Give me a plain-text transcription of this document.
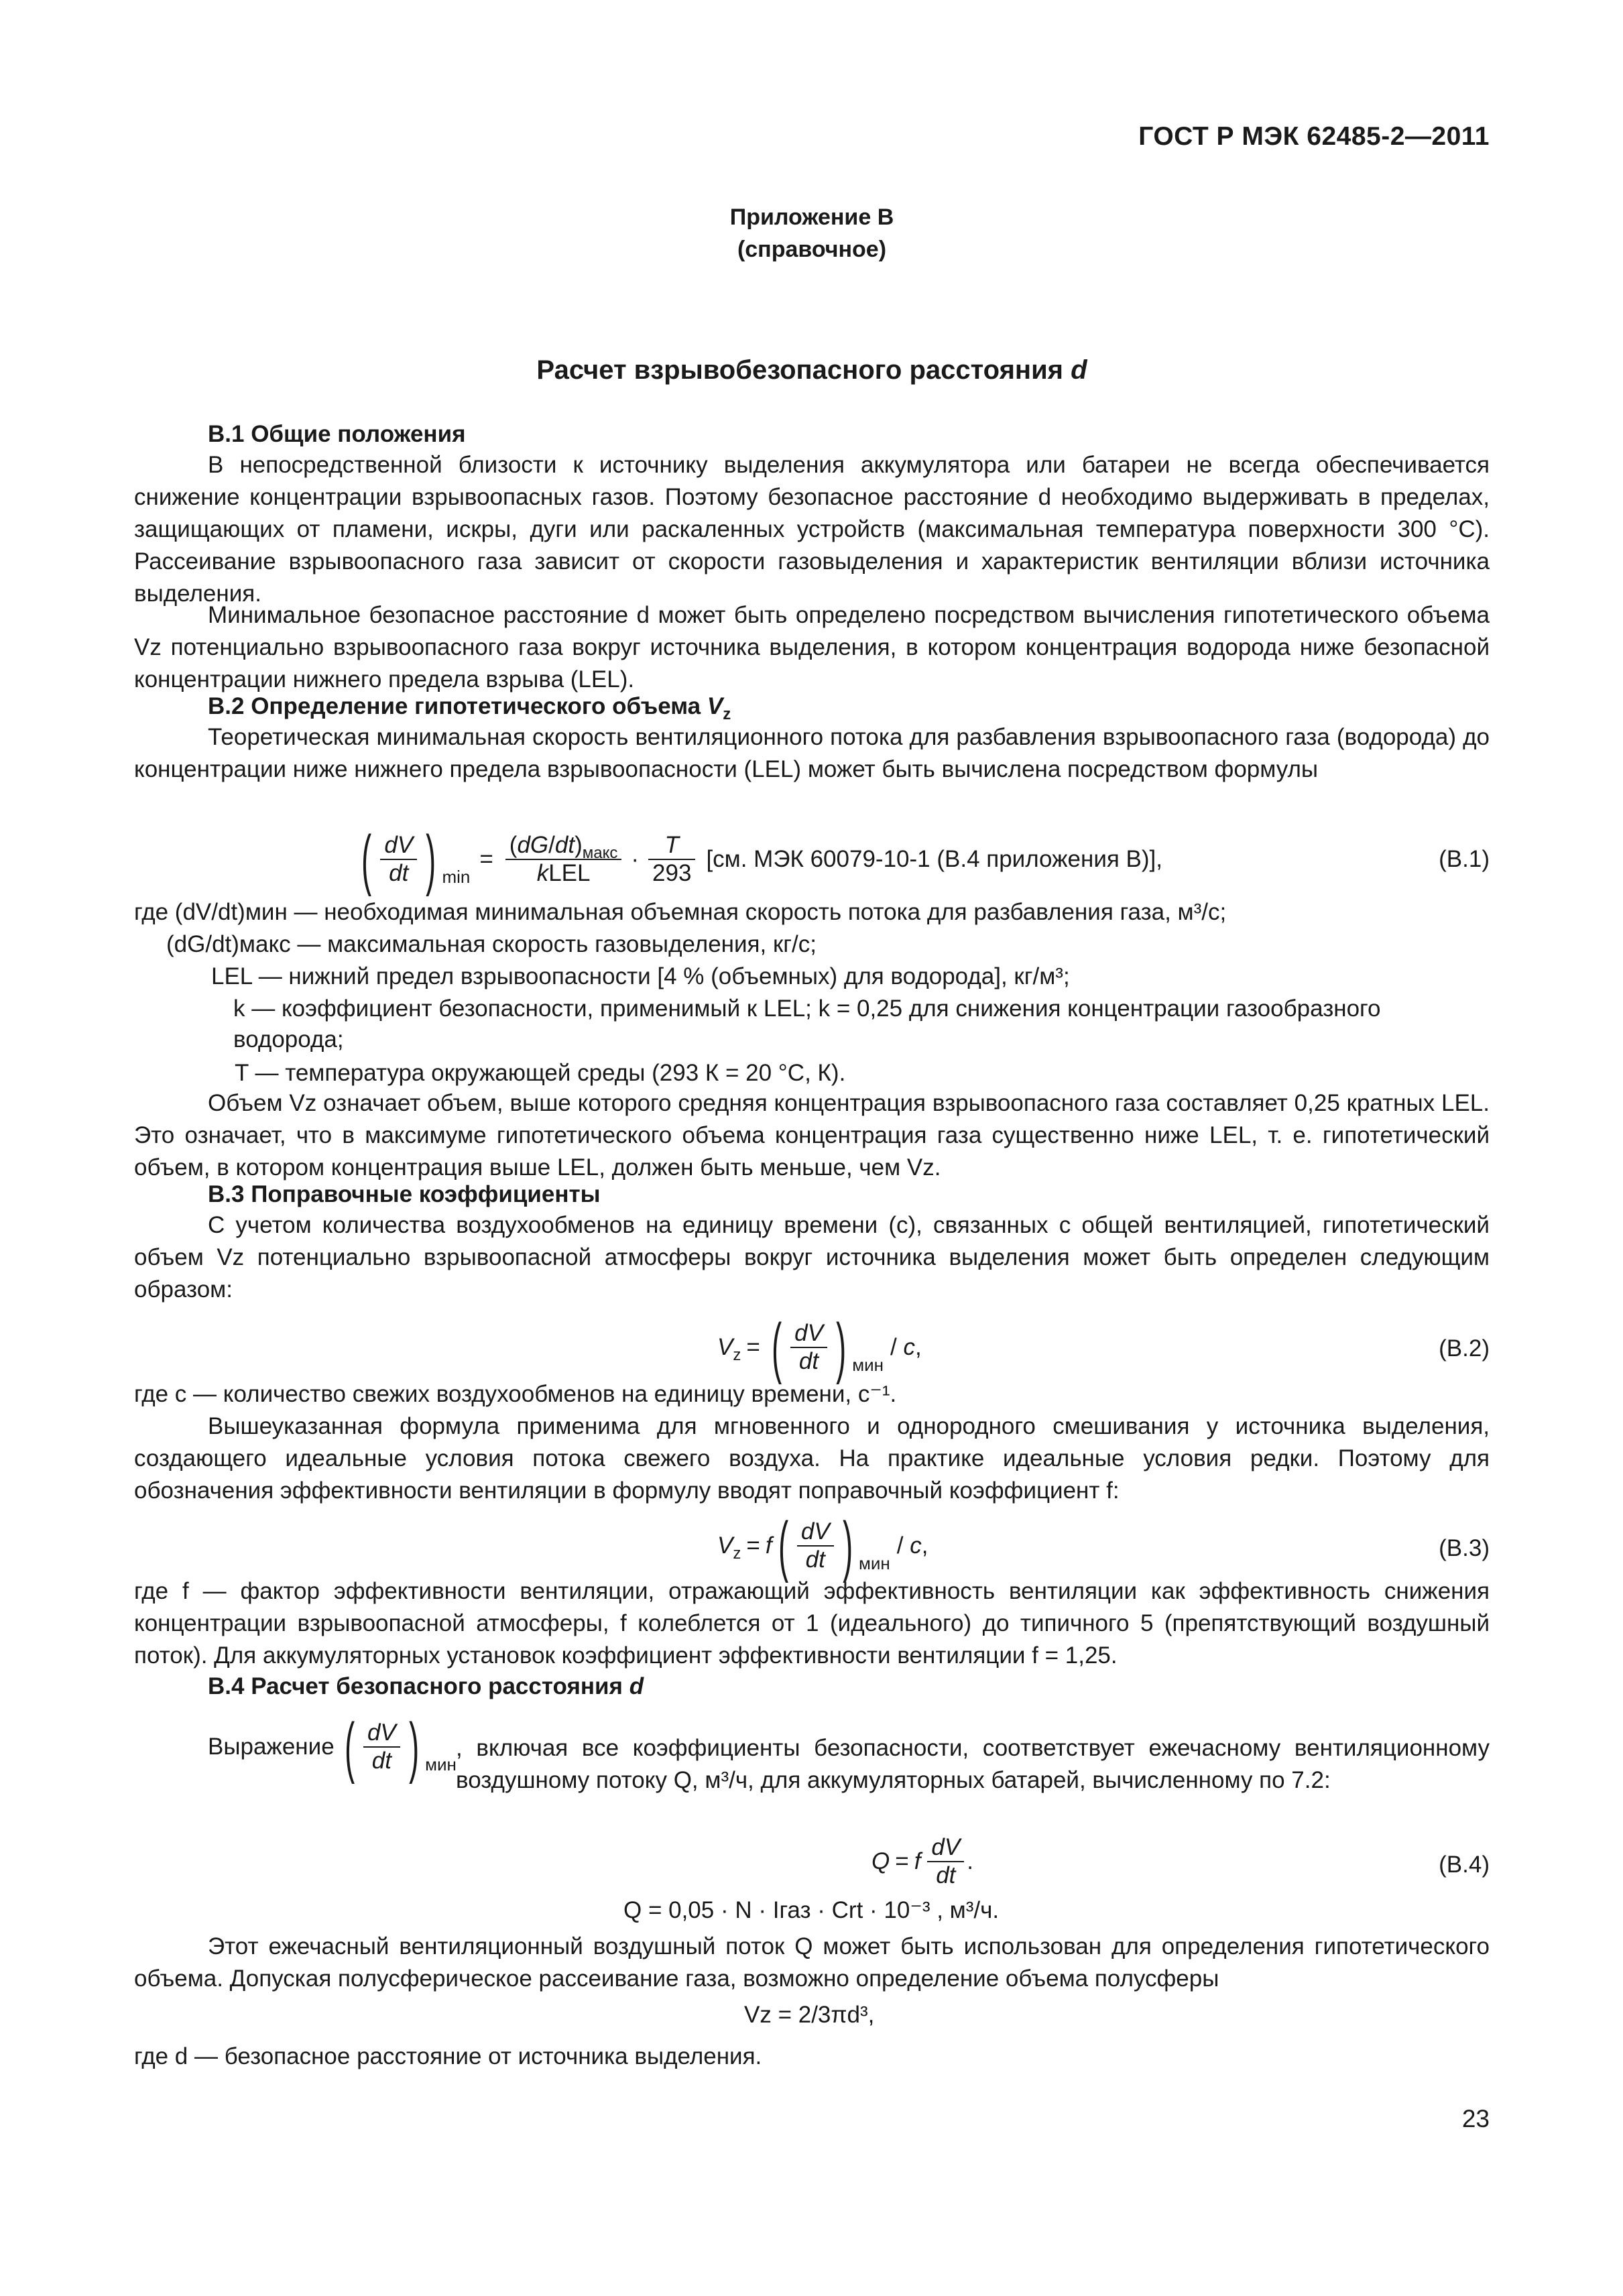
ГОСТ Р МЭК 62485-2—2011
Приложение В
(справочное)
Расчет взрывобезопасного расстояния d
В.1 Общие положения
В непосредственной близости к источнику выделения аккумулятора или батареи не всегда обеспечивается снижение концентрации взрывоопасных газов. Поэтому безопасное расстояние d необходимо выдерживать в пределах, защищающих от пламени, искры, дуги или раскаленных устройств (максимальная температура поверхности 300 °С). Рассеивание взрывоопасного газа зависит от скорости газовыделения и характеристик вентиляции вблизи источника выделения.
Минимальное безопасное расстояние d может быть определено посредством вычисления гипотетического объема Vz потенциально взрывоопасного газа вокруг источника выделения, в котором концентрация водорода ниже безопасной концентрации нижнего предела взрыва (LEL).
В.2 Определение гипотетического объема $V_z$
Теоретическая минимальная скорость вентиляционного потока для разбавления взрывоопасного газа (водорода) до концентрации ниже нижнего предела взрывоопасности (LEL) может быть вычислена посредством формулы
( $\frac{dV}{dt}$ ) min
= $\frac{(dG/dt)_{макс}}{\text{kLEL}} \cdot \frac{T}{293} [см$. МЭК 60079-10-1 (В.4 приложения В)],	(В.1)
где (dV/dt)мин — необходимая минимальная объемная скорость потока для разбавления газа, м³/с;
(dG/dt)макс — максимальная скорость газовыделения, кг/с;
LEL — нижний предел взрывоопасности [4 % (объемных) для водорода], кг/м³;
k — коэффициент безопасности, применимый к LEL; k = 0,25 для снижения концентрации газообразного водорода;
T — температура окружающей среды (293 К = 20 °С, К).
Объем Vz означает объем, выше которого средняя концентрация взрывоопасного газа составляет 0,25 кратных LEL. Это означает, что в максимуме гипотетического объема концентрация газа существенно ниже LEL, т. е. гипотетический объем, в котором концентрация выше LEL, должен быть меньше, чем Vz.
В.3 Поправочные коэффициенты
С учетом количества воздухообменов на единицу времени (с), связанных с общей вентиляцией, гипотетический объем Vz потенциально взрывоопасной атмосферы вокруг источника выделения может быть определен следующим образом:
$V_z$ = ( $\frac{dV}{dt}$ ) мин
/ c,	(В.2)
где c — количество свежих воздухообменов на единицу времени, с⁻¹.
Вышеуказанная формула применима для мгновенного и однородного смешивания у источника выделения, создающего идеальные условия потока свежего воздуха. На практике идеальные условия редки. Поэтому для обозначения эффективности вентиляции в формулу вводят поправочный коэффициент f:
$V_z = f$ ( $\frac{dV}{dt}$ ) мин
/ c,	(В.3)
где f — фактор эффективности вентиляции, отражающий эффективность вентиляции как эффективность снижения концентрации взрывоопасной атмосферы, f колеблется от 1 (идеального) до типичного 5 (препятствующий воздушный поток). Для аккумуляторных установок коэффициент эффективности вентиляции f = 1,25.
В.4 Расчет безопасного расстояния d
Выражение ( $\frac{dV}{dt}$ ) мин
, включая все коэффициенты безопасности, соответствует ежечасному вентиляционному воздушному потоку Q, м³/ч, для аккумуляторных батарей, вычисленному по 7.2:
Q = f $\frac{dV}{dt}$ .	(В.4)
Q = 0,05 · N · Iгаз · Crt · 10⁻³ , м³/ч.
Этот ежечасный вентиляционный воздушный поток Q может быть использован для определения гипотетического объема. Допуская полусферическое рассеивание газа, возможно определение объема полусферы
Vz = 2/3πd³,
где d — безопасное расстояние от источника выделения.
23
